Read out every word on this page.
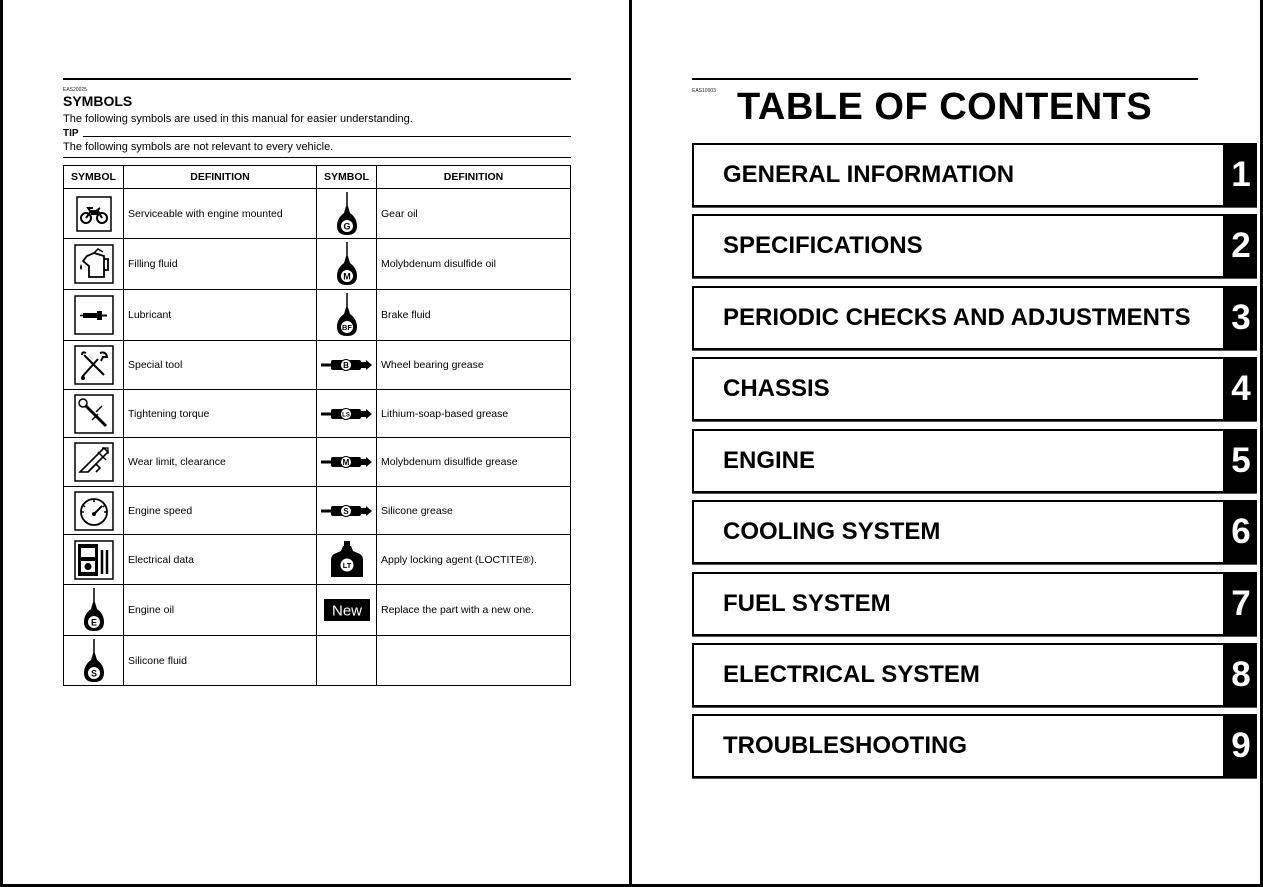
EAS20025
SYMBOLS
The following symbols are used in this manual for easier understanding.
TIP
The following symbols are not relevant to every vehicle.
SYMBOL	DEFINITION	SYMBOL	DEFINITION

	Serviceable with engine mounted	G	Gear oil

	Filling fluid	M	Molybdenum disulfide oil

	Lubricant	BF	Brake fluid

	Special tool	B	Wheel bearing grease

	Tightening torque	LS	Lithium-soap-based grease

	Wear limit, clearance	M	Molybdenum disulfide grease

	Engine speed	S	Silicone grease

	Electrical data	LT	Apply locking agent (LOCTITE®).

E	Engine oil	New	Replace the part with a new one.

S	Silicone fluid		
EAS10003 TABLE OF CONTENTS
GENERAL INFORMATION	1
SPECIFICATIONS	2
PERIODIC CHECKS AND ADJUSTMENTS 3
CHASSIS	4
ENGINE	5
COOLING SYSTEM	6
FUEL SYSTEM	7
ELECTRICAL SYSTEM	8
TROUBLESHOOTING	9
